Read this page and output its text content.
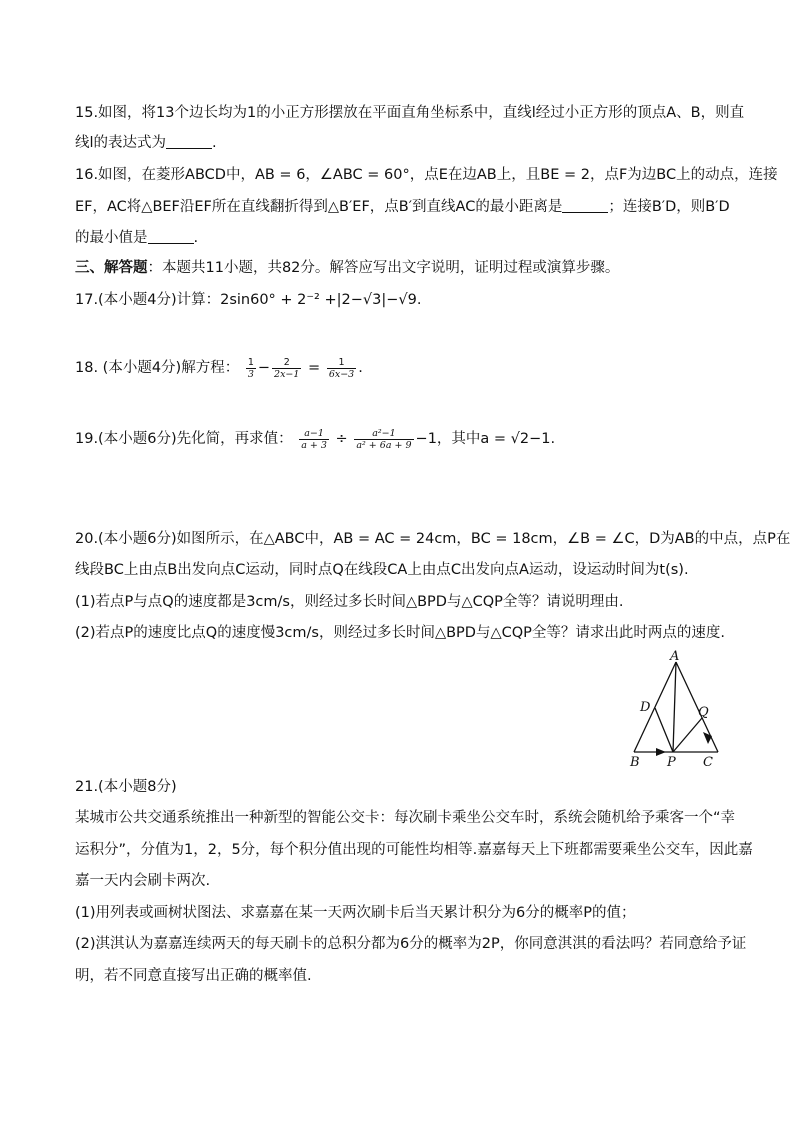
15.如图，将13个边长均为1的小正方形摆放在平面直角坐标系中，直线l经过小正方形的顶点A、B，则直
线l的表达式为	.
16.如图，在菱形ABCD中，AB = 6，∠ABC = 60°，点E在边AB上，且BE = 2，点F为边BC上的动点，连接
EF，AC将△BEF沿EF所在直线翻折得到△B′EF，点B′到直线AC的最小距离是	；连接B′D，则B′D
的最小值是	.
三、解答题：本题共11小题，共82分。解答应写出文字说明，证明过程或演算步骤。
17.(本小题4分)计算：2sin60° + 2⁻² +|2−√3|−√9.
18. (本小题4分)解方程： $\frac{1}{3} - \frac{2}{2x-1} = \frac{1}{6x-3}$ .
19.(本小题6分)先化简，再求值： $\frac{a-1}{a + 3} \div \frac{\text{a²−1}}{\text{a² + 6a + 9}} -1$，其中a = √2−1.
20.(本小题6分)如图所示，在△ABC中，AB = AC = 24cm，BC = 18cm，∠B = ∠C，D为AB的中点，点P在
线段BC上由点B出发向点C运动，同时点Q在线段CA上由点C出发向点A运动，设运动时间为t(s).
(1)若点P与点Q的速度都是3cm/s，则经过多长时间△BPD与△CQP全等？请说明理由.
(2)若点P的速度比点Q的速度慢3cm/s，则经过多长时间△BPD与△CQP全等？请求出此时两点的速度.
A
D	Q
B P C
21.(本小题8分)
某城市公共交通系统推出一种新型的智能公交卡：每次刷卡乘坐公交车时，系统会随机给予乘客一个“幸
运积分”，分值为1，2，5分，每个积分值出现的可能性均相等.嘉嘉每天上下班都需要乘坐公交车，因此嘉
嘉一天内会刷卡两次.
(1)用列表或画树状图法、求嘉嘉在某一天两次刷卡后当天累计积分为6分的概率P的值；
(2)淇淇认为嘉嘉连续两天的每天刷卡的总积分都为6分的概率为2P，你同意淇淇的看法吗？若同意给予证
明，若不同意直接写出正确的概率值.
